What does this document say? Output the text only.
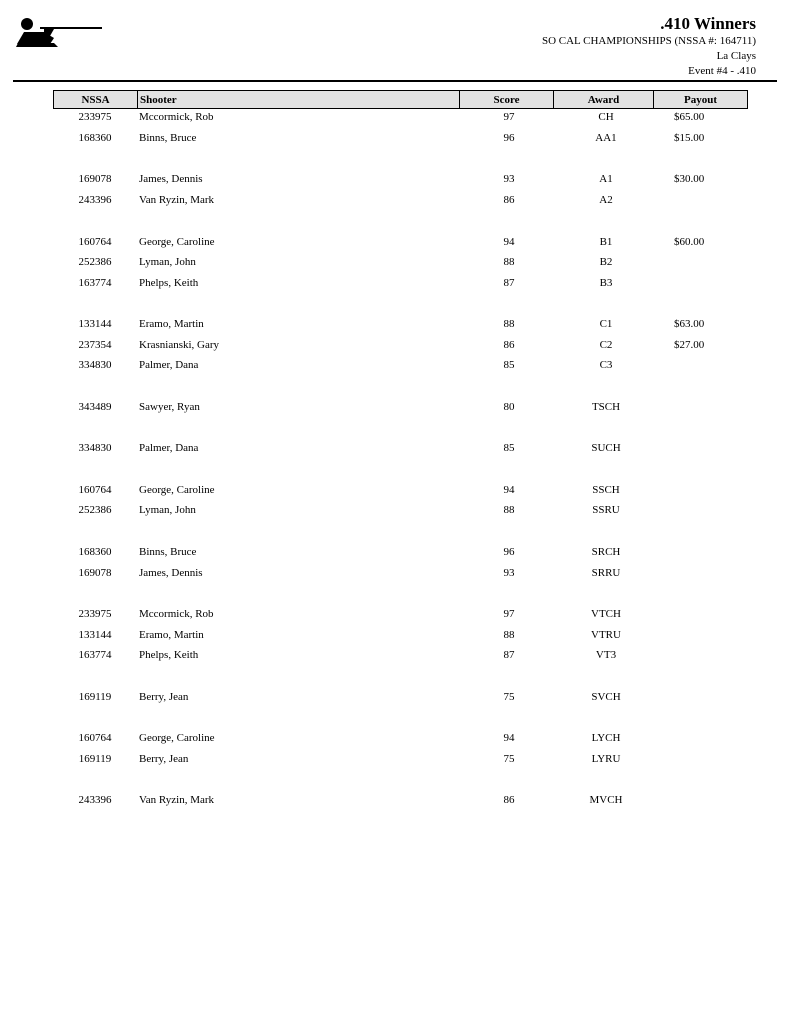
.410 Winners
SO CAL CHAMPIONSHIPS (NSSA #: 164711)
La Clays
Event #4 - .410
NSSA	Shooter	Score	Award	Payout
233975	Mccormick, Rob	97	CH	$65.00
168360	Binns, Bruce	96	AA1	$15.00
169078	James, Dennis	93	A1	$30.00
243396	Van Ryzin, Mark	86	A2
160764	George, Caroline	94	B1	$60.00
252386	Lyman, John	88	B2
163774	Phelps, Keith	87	B3
133144	Eramo, Martin	88	C1	$63.00
237354	Krasnianski, Gary	86	C2	$27.00
334830	Palmer, Dana	85	C3
343489	Sawyer, Ryan	80	TSCH
334830	Palmer, Dana	85	SUCH
160764	George, Caroline	94	SSCH
252386	Lyman, John	88	SSRU
168360	Binns, Bruce	96	SRCH
169078	James, Dennis	93	SRRU
233975	Mccormick, Rob	97	VTCH
133144	Eramo, Martin	88	VTRU
163774	Phelps, Keith	87	VT3
169119	Berry, Jean	75	SVCH
160764	George, Caroline	94	LYCH
169119	Berry, Jean	75	LYRU
243396	Van Ryzin, Mark	86	MVCH
